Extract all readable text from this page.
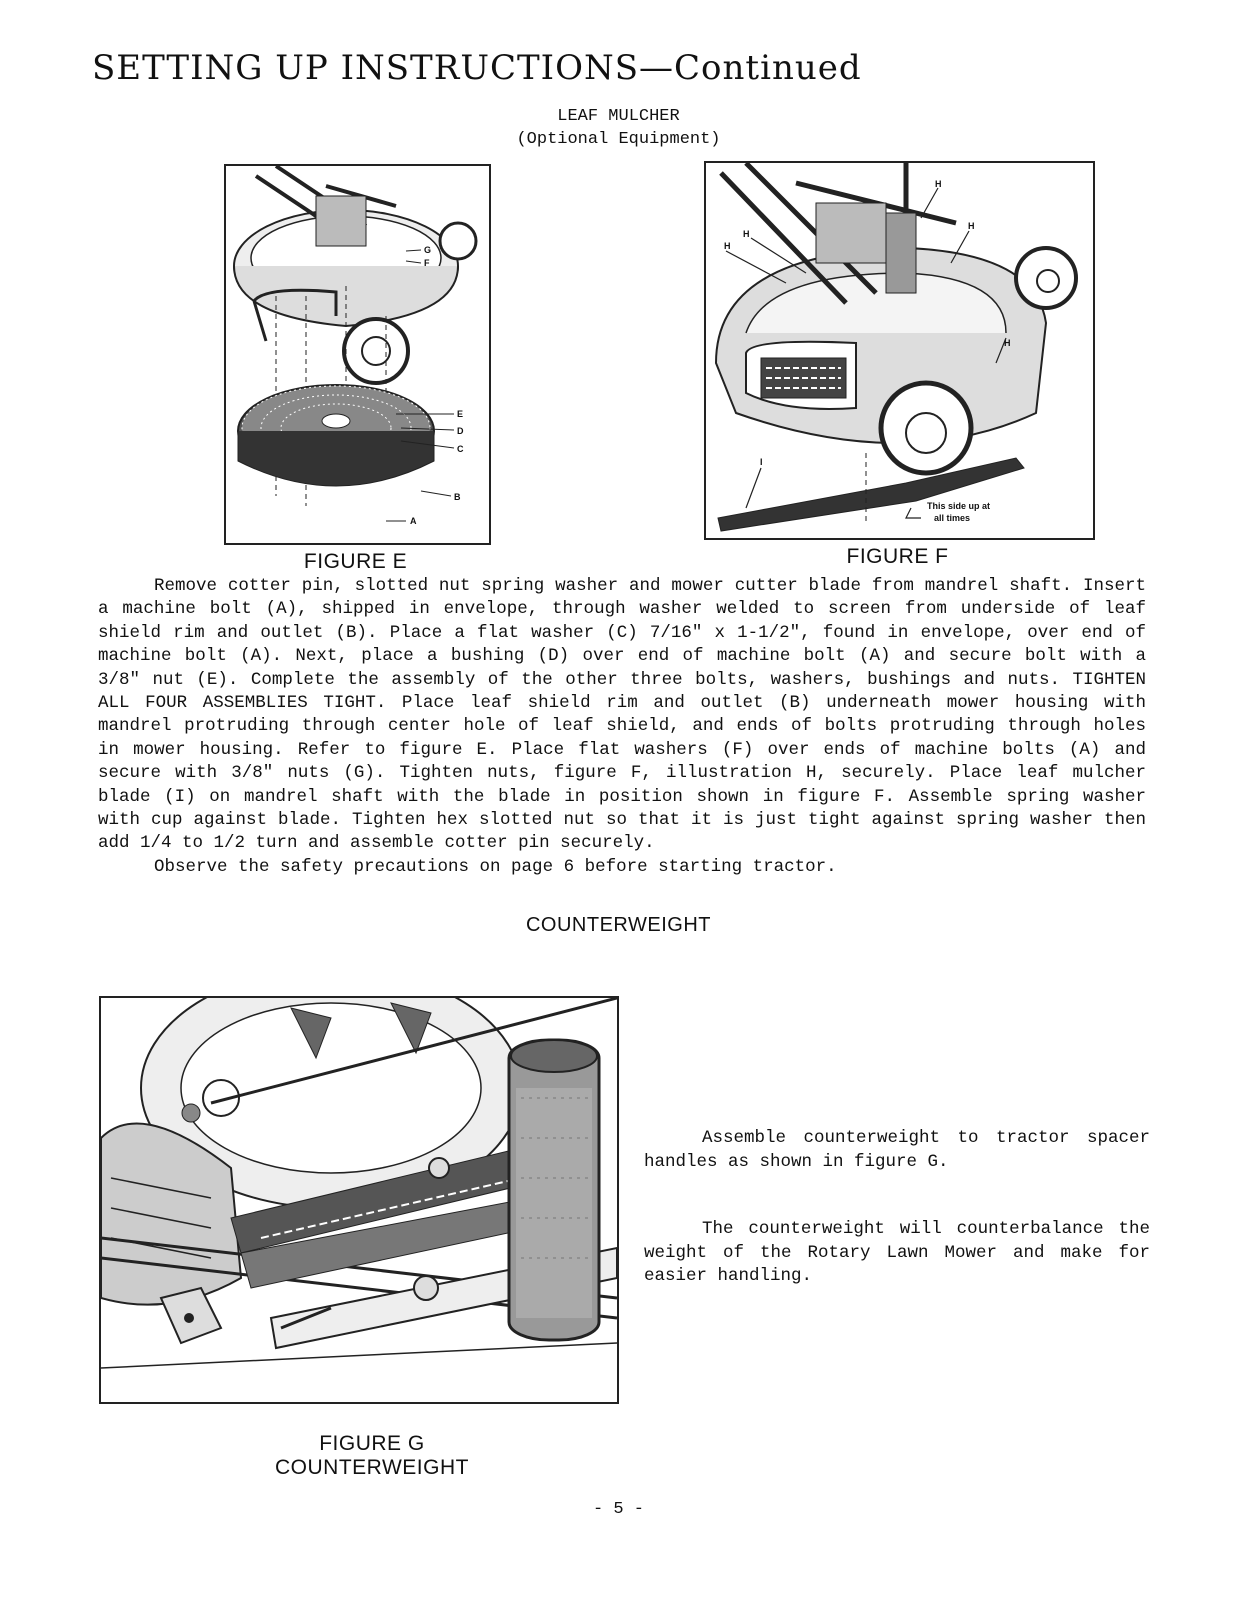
SETTING UP INSTRUCTIONS—Continued
LEAF MULCHER
(Optional Equipment)
G
F
E
D
C
B
A
FIGURE E
H
H
H
H
H
I
This side up at
all times
FIGURE F

Remove cotter pin, slotted nut spring washer and mower cutter blade from mandrel shaft. Insert a machine bolt (A), shipped in envelope, through washer welded to screen from underside of leaf shield rim and outlet (B). Place a flat washer (C) 7/16" x 1-1/2", found in envelope, over end of machine bolt (A). Next, place a bushing (D) over end of machine bolt (A) and secure bolt with a 3/8" nut (E). Complete the assembly of the other three bolts, washers, bushings and nuts. TIGHTEN ALL FOUR ASSEMBLIES TIGHT. Place leaf shield rim and outlet (B) underneath mower housing with mandrel protruding through center hole of leaf shield, and ends of bolts protruding through holes in mower housing. Refer to figure E. Place flat washers (F) over ends of machine bolts (A) and secure with 3/8" nuts (G). Tighten nuts, figure F, illustration H, securely. Place leaf mulcher blade (I) on mandrel shaft with the blade in position shown in figure F. Assemble spring washer with cup against blade. Tighten hex slotted nut so that it is just tight against spring washer then add 1/4 to 1/2 turn and assemble cotter pin securely.

Observe the safety precautions on page 6 before starting tractor.

COUNTERWEIGHT

Assemble counterweight to tractor spacer handles as shown in figure G.

The counterweight will counterbalance the weight of the Rotary Lawn Mower and make for easier handling.

FIGURE G
COUNTERWEIGHT
- 5 -
